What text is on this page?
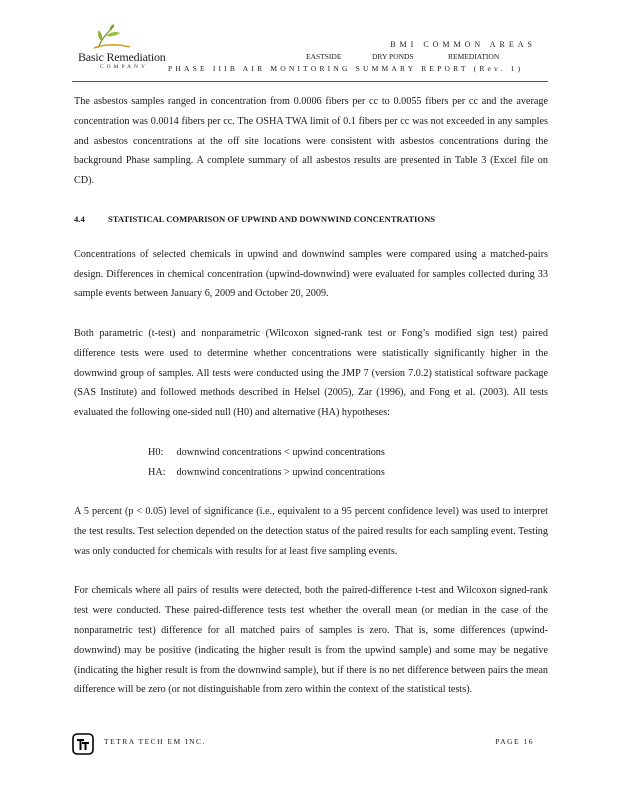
Basic Remediation
COMPANY
BMI COMMON AREAS
EASTSIDE	DRY PONDS	REMEDIATION
PHASE IIIB AIR MONITORING SUMMARY REPORT (Rev. 1)

The asbestos samples ranged in concentration from 0.0006 fibers per cc to 0.0055 fibers per cc and the average concentration was 0.0014 fibers per cc. The OSHA TWA limit of 0.1 fibers per cc was not exceeded in any samples and asbestos concentrations at the off site locations were consistent with asbestos concentrations during the background Phase sampling. A complete summary of all asbestos results are presented in Table 3 (Excel file on CD).

4.4	STATISTICAL COMPARISON OF UPWIND AND DOWNWIND CONCENTRATIONS

Concentrations of selected chemicals in upwind and downwind samples were compared using a matched-pairs design. Differences in chemical concentration (upwind-downwind) were evaluated for samples collected during 33 sample events between January 6, 2009 and October 20, 2009.

Both parametric (t-test) and nonparametric (Wilcoxon signed-rank test or Fong’s modified sign test) paired difference tests were used to determine whether concentrations were statistically significantly higher in the downwind group of samples. All tests were conducted using the JMP 7 (version 7.0.2) statistical software package (SAS Institute) and followed methods described in Helsel (2005), Zar (1996), and Fong et al. (2003). All tests evaluated the following one-sided null (H0) and alternative (HA) hypotheses:

H0: downwind concentrations < upwind concentrations
HA: downwind concentrations > upwind concentrations

A 5 percent (p < 0.05) level of significance (i.e., equivalent to a 95 percent confidence level) was used to interpret the test results. Test selection depended on the detection status of the paired results for each sampling event. Testing was only conducted for chemicals with results for at least five sampling events.

For chemicals where all pairs of results were detected, both the paired-difference t-test and Wilcoxon signed-rank test were conducted. These paired-difference tests test whether the overall mean (or median in the case of the nonparametric test) difference for all matched pairs of samples is zero. That is, some differences (upwind-downwind) may be positive (indicating the higher result is from the upwind sample) and some may be negative (indicating the higher result is from the downwind sample), but if there is no net difference between pairs the mean difference will be zero (or not distinguishable from zero within the context of the statistical tests).

TETRA TECH EM INC.	PAGE 16
